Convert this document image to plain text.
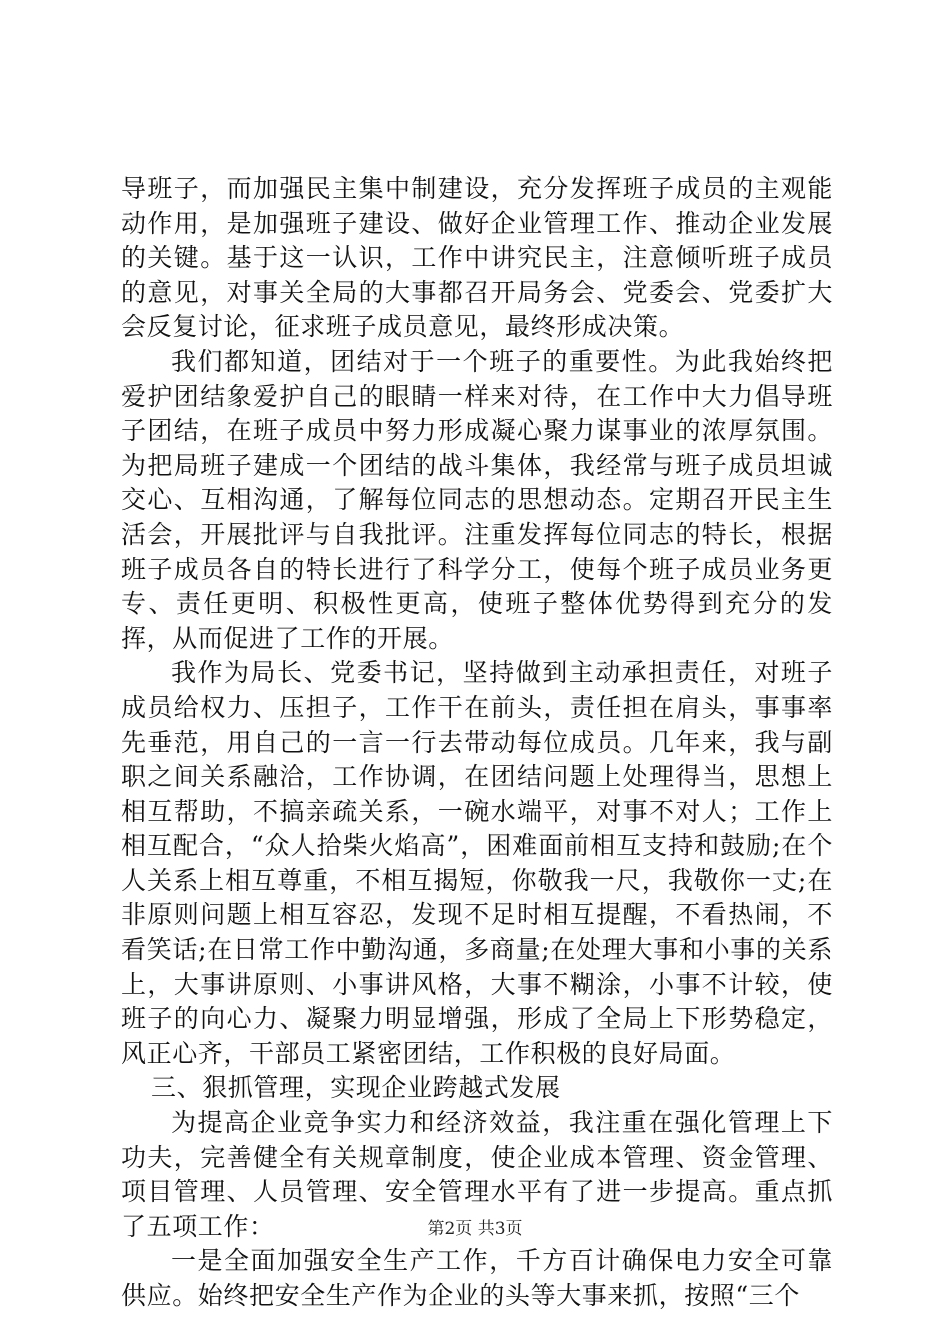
导班子，而加强民主集中制建设，充分发挥班子成员的主观能动作用，是加强班子建设、做好企业管理工作、推动企业发展的关键。基于这一认识，工作中讲究民主，注意倾听班子成员的意见，对事关全局的大事都召开局务会、党委会、党委扩大会反复讨论，征求班子成员意见，最终形成决策。

我们都知道，团结对于一个班子的重要性。为此我始终把爱护团结象爱护自己的眼睛一样来对待，在工作中大力倡导班子团结，在班子成员中努力形成凝心聚力谋事业的浓厚氛围。为把局班子建成一个团结的战斗集体，我经常与班子成员坦诚交心、互相沟通，了解每位同志的思想动态。定期召开民主生活会，开展批评与自我批评。注重发挥每位同志的特长，根据班子成员各自的特长进行了科学分工，使每个班子成员业务更专、责任更明、积极性更高，使班子整体优势得到充分的发挥，从而促进了工作的开展。

我作为局长、党委书记，坚持做到主动承担责任，对班子成员给权力、压担子，工作干在前头，责任担在肩头，事事率先垂范，用自己的一言一行去带动每位成员。几年来，我与副职之间关系融洽，工作协调，在团结问题上处理得当，思想上相互帮助，不搞亲疏关系，一碗水端平，对事不对人；工作上相互配合，“众人拾柴火焰高”，困难面前相互支持和鼓励;在个人关系上相互尊重，不相互揭短，你敬我一尺，我敬你一丈;在非原则问题上相互容忍，发现不足时相互提醒，不看热闹，不看笑话;在日常工作中勤沟通，多商量;在处理大事和小事的关系上，大事讲原则、小事讲风格，大事不糊涂，小事不计较，使班子的向心力、凝聚力明显增强，形成了全局上下形势稳定，风正心齐，干部员工紧密团结，工作积极的良好局面。

三、狠抓管理，实现企业跨越式发展

为提高企业竞争实力和经济效益，我注重在强化管理上下功夫，完善健全有关规章制度，使企业成本管理、资金管理、项目管理、人员管理、安全管理水平有了进一步提高。重点抓了五项工作：

一是全面加强安全生产工作，千方百计确保电力安全可靠供应。始终把安全生产作为企业的头等大事来抓，按照“三个

第2页 共3页
